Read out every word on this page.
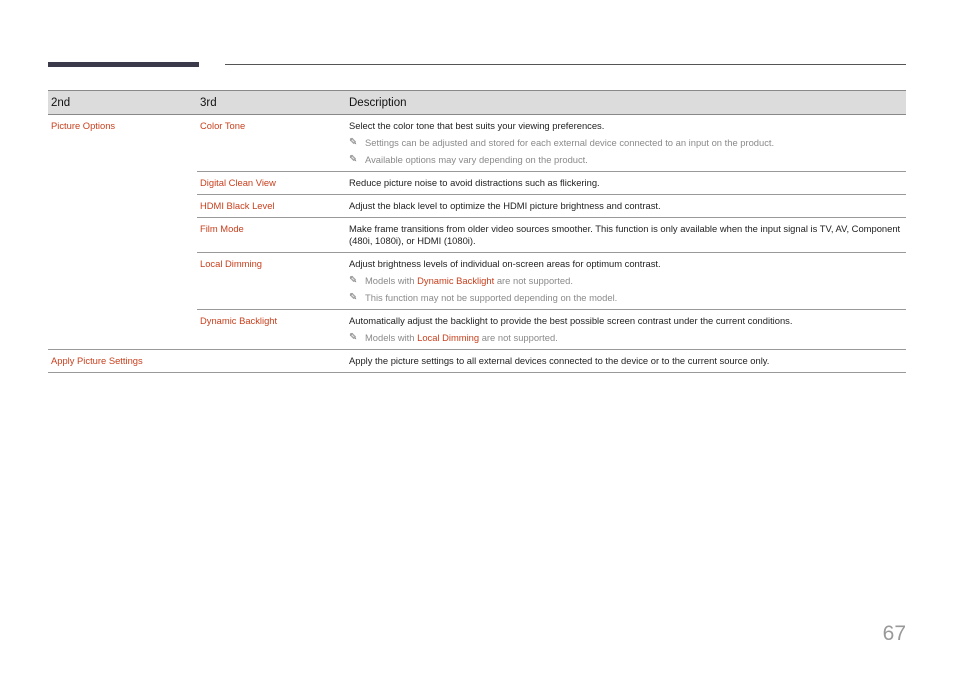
2nd	3rd	Description
Picture Options	Color Tone	Select the color tone that best suits your viewing preferences.
✎ Settings can be adjusted and stored for each external device connected to an input on the product.
✎ Available options may vary depending on the product.

	Digital Clean View	Reduce picture noise to avoid distractions such as flickering.
	HDMI Black Level	Adjust the black level to optimize the HDMI picture brightness and contrast.
	Film Mode	Make frame transitions from older video sources smoother. This function is only available when the input signal is TV, AV, Component (480i, 1080i), or HDMI (1080i).
	Local Dimming	Adjust brightness levels of individual on-screen areas for optimum contrast.
✎ Models with Dynamic Backlight are not supported.
✎ This function may not be supported depending on the model.

	Dynamic Backlight	Automatically adjust the backlight to provide the best possible screen contrast under the current conditions.
✎ Models with Local Dimming are not supported.

Apply Picture Settings		Apply the picture settings to all external devices connected to the device or to the current source only.
67
